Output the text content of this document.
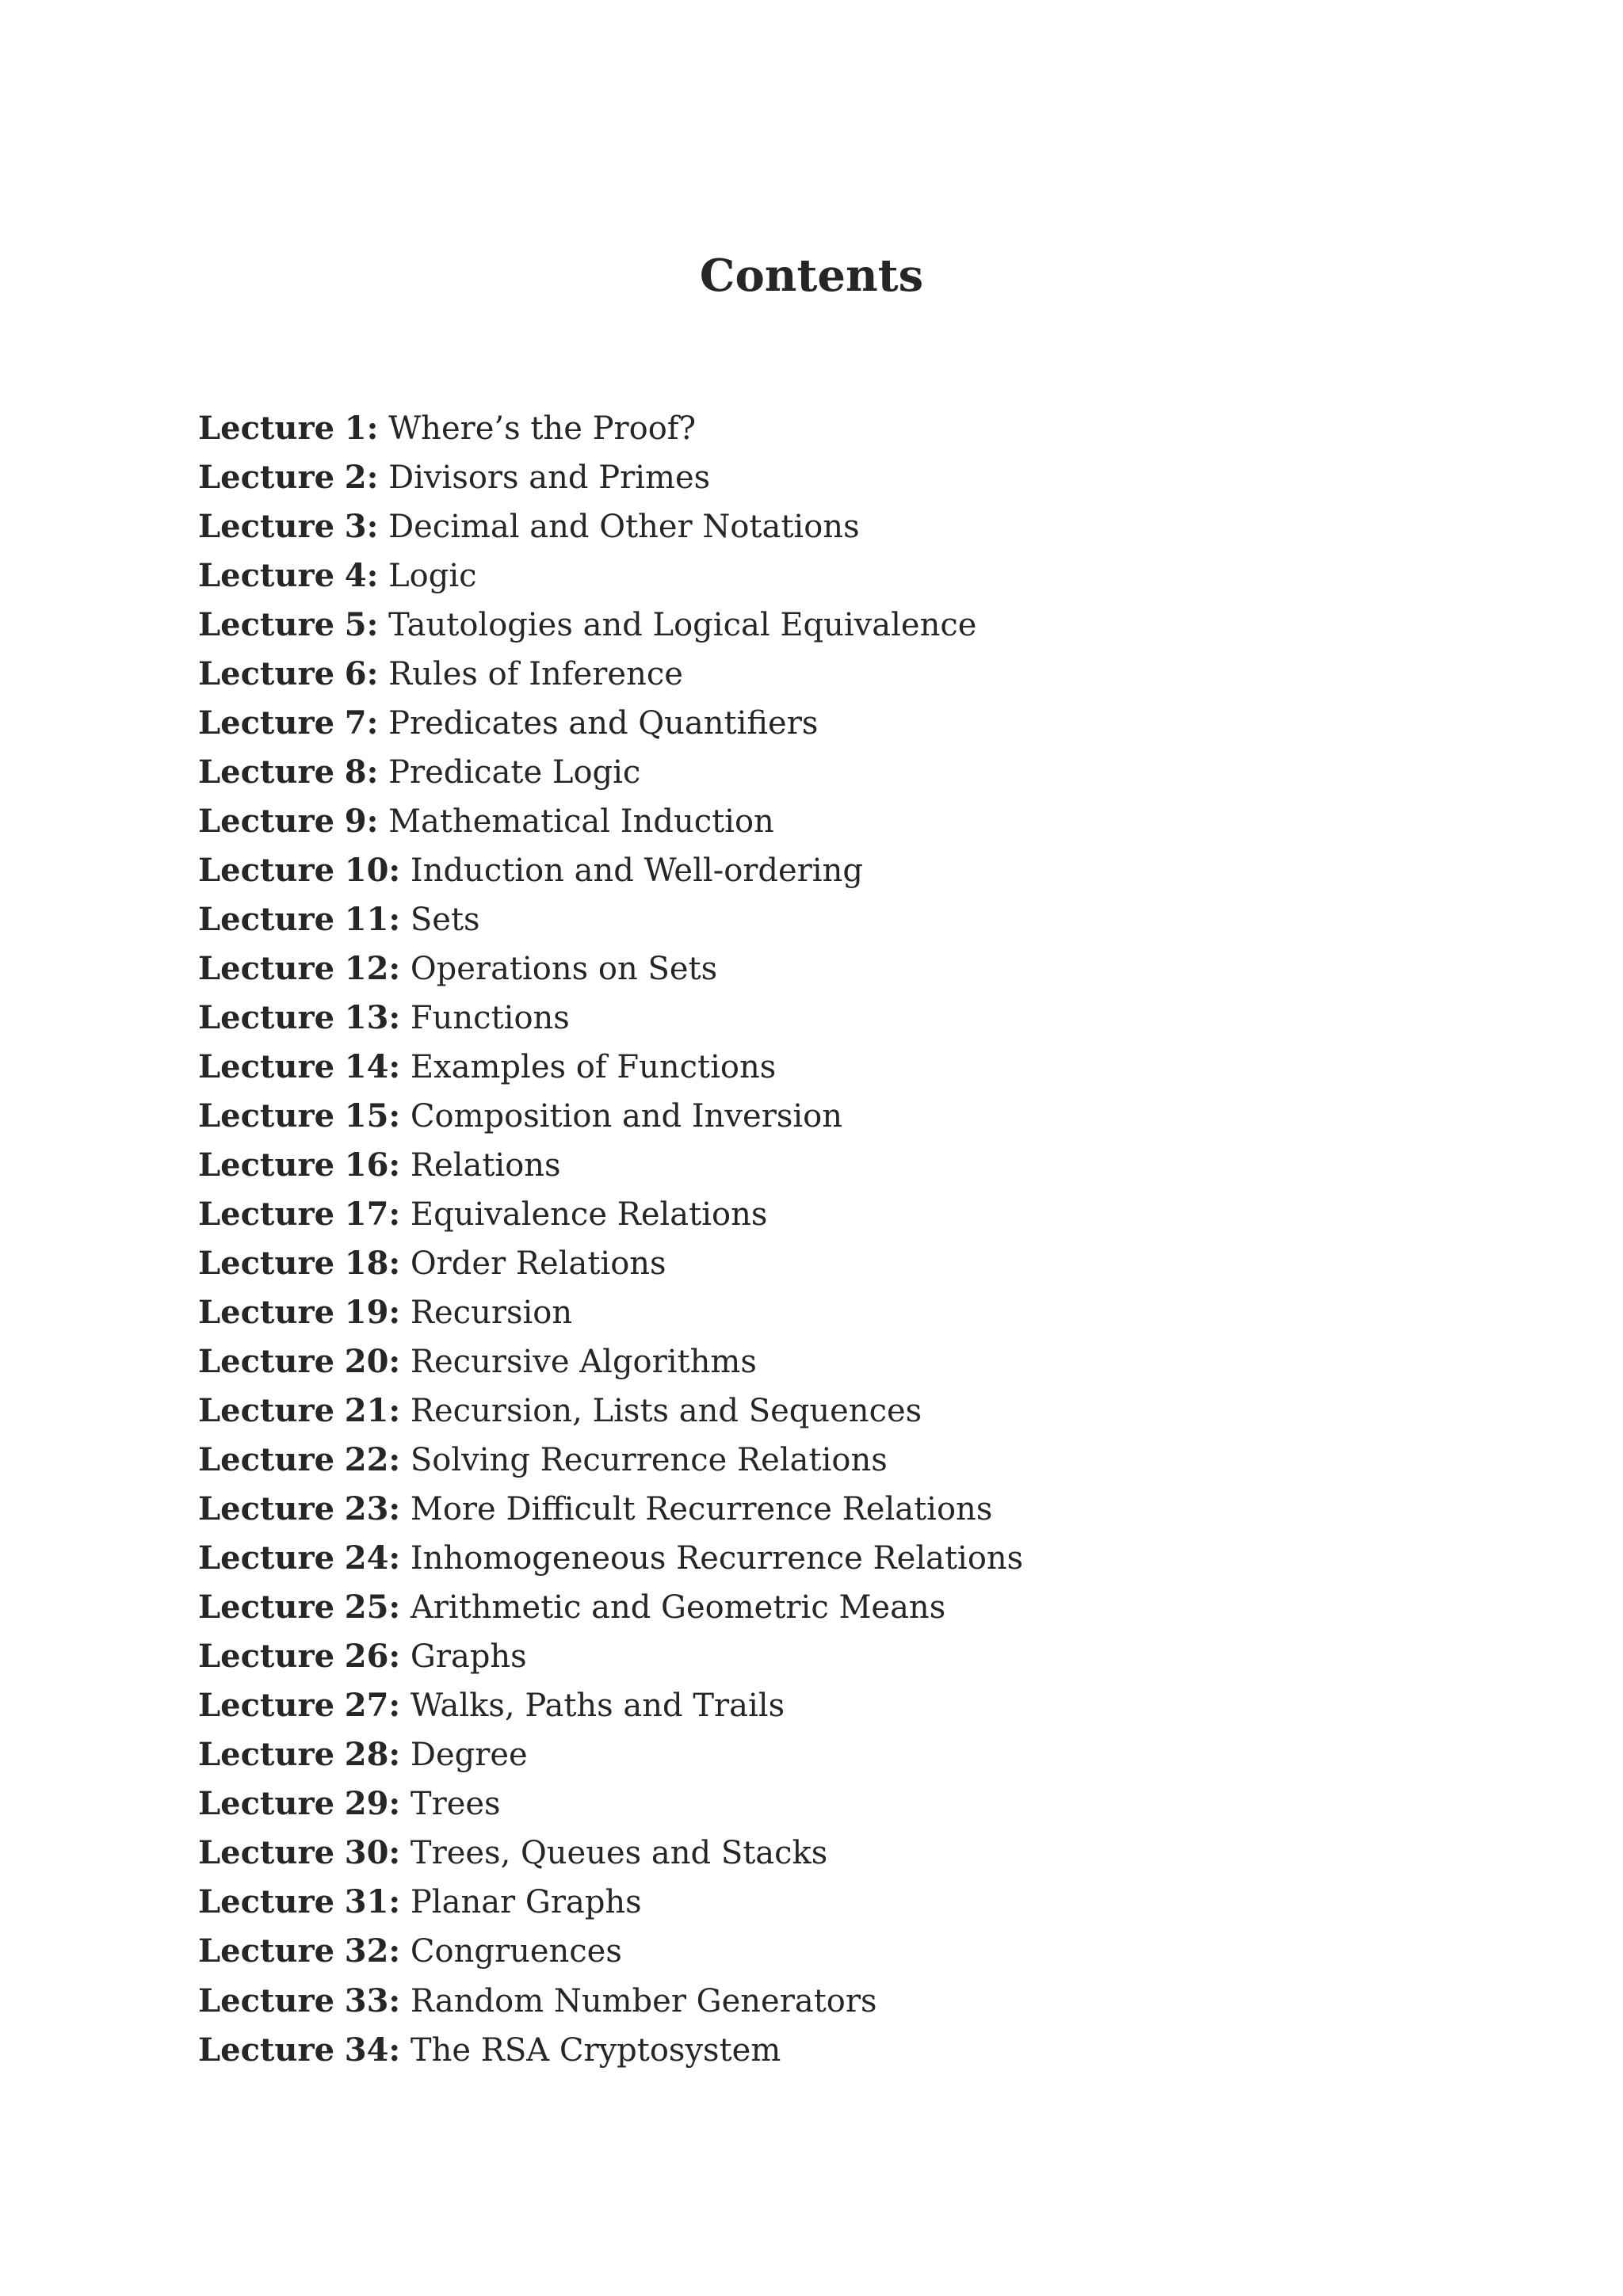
Contents
Lecture 1: Where’s the Proof?
Lecture 2: Divisors and Primes
Lecture 3: Decimal and Other Notations
Lecture 4: Logic
Lecture 5: Tautologies and Logical Equivalence
Lecture 6: Rules of Inference
Lecture 7: Predicates and Quantifiers
Lecture 8: Predicate Logic
Lecture 9: Mathematical Induction
Lecture 10: Induction and Well-ordering
Lecture 11: Sets
Lecture 12: Operations on Sets
Lecture 13: Functions
Lecture 14: Examples of Functions
Lecture 15: Composition and Inversion
Lecture 16: Relations
Lecture 17: Equivalence Relations
Lecture 18: Order Relations
Lecture 19: Recursion
Lecture 20: Recursive Algorithms
Lecture 21: Recursion, Lists and Sequences
Lecture 22: Solving Recurrence Relations
Lecture 23: More Difficult Recurrence Relations
Lecture 24: Inhomogeneous Recurrence Relations
Lecture 25: Arithmetic and Geometric Means
Lecture 26: Graphs
Lecture 27: Walks, Paths and Trails
Lecture 28: Degree
Lecture 29: Trees
Lecture 30: Trees, Queues and Stacks
Lecture 31: Planar Graphs
Lecture 32: Congruences
Lecture 33: Random Number Generators
Lecture 34: The RSA Cryptosystem
